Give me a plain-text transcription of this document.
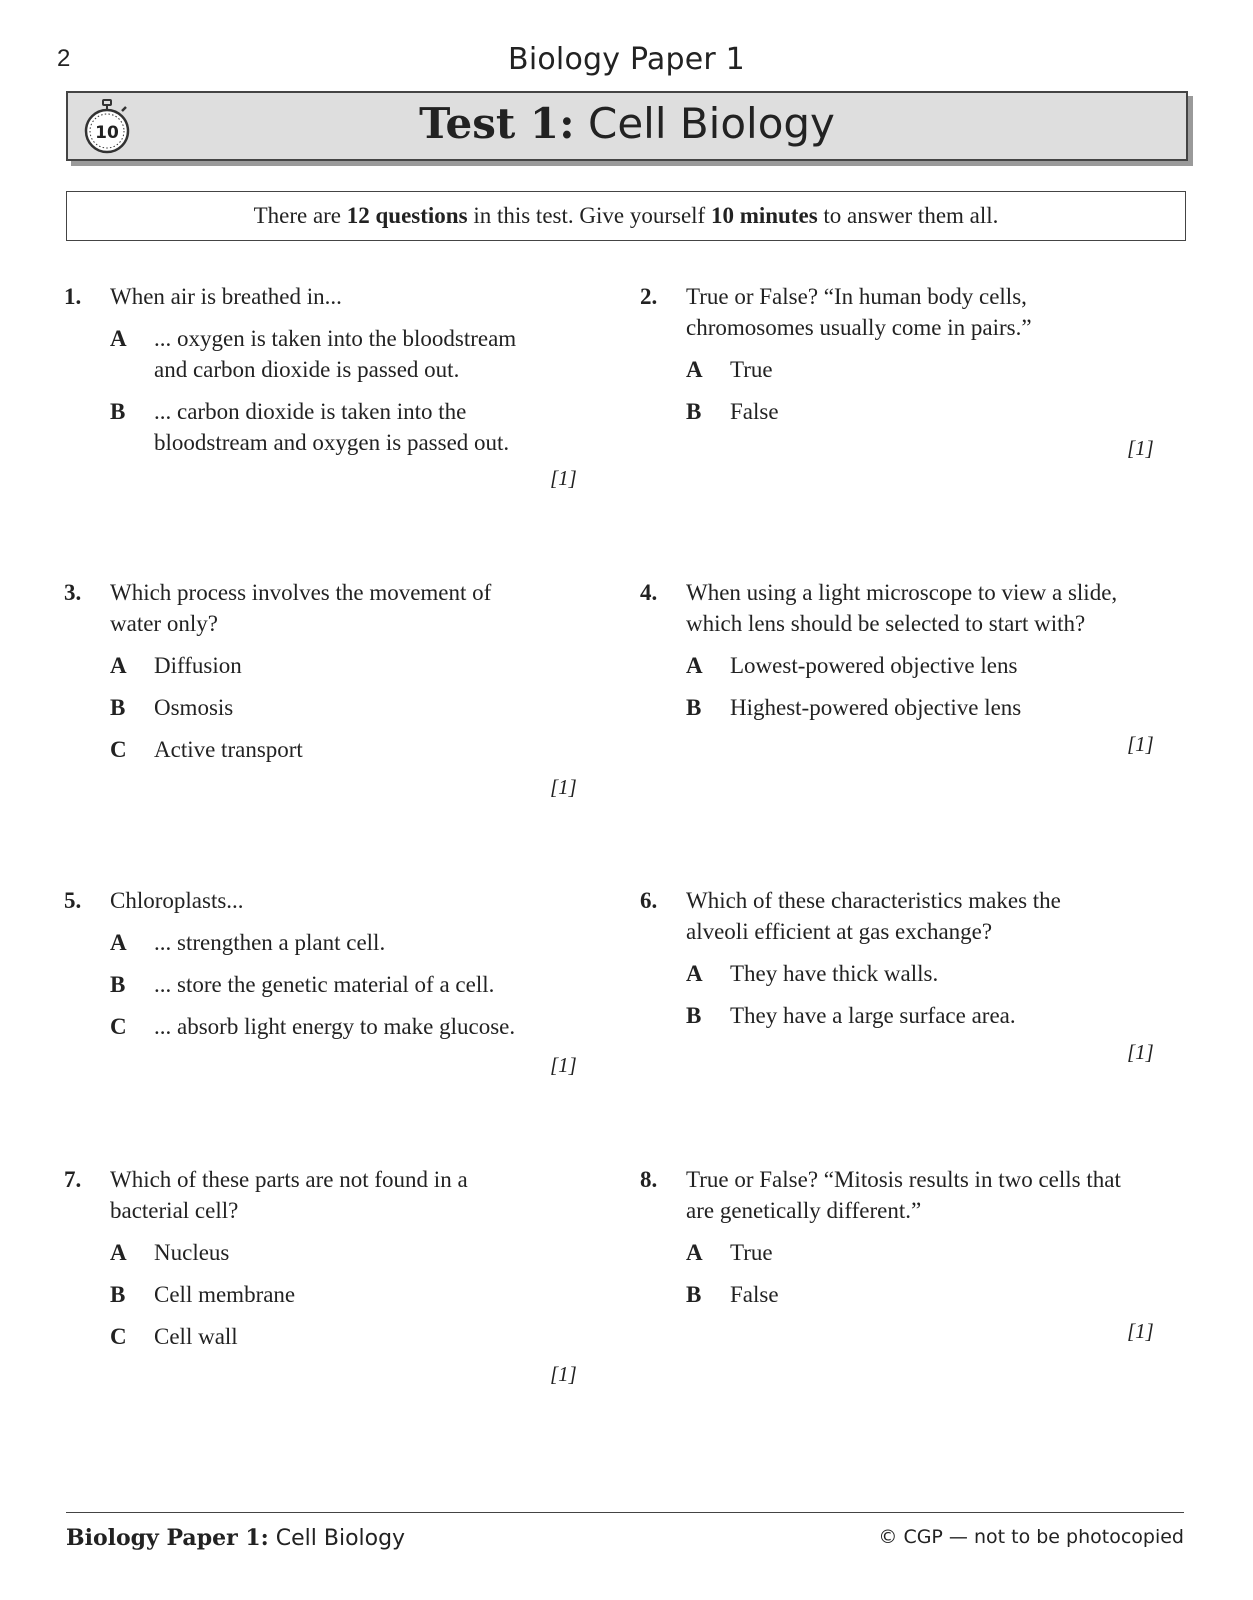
2	Biology Paper 1
10	Test 1: Cell Biology
There are 12 questions in this test. Give yourself 10 minutes to answer them all.
1. When air is breathed in...
A ... oxygen is taken into the bloodstream and carbon dioxide is passed out.
B ... carbon dioxide is taken into the bloodstream and oxygen is passed out.
[1]
2. True or False? “In human body cells, chromosomes usually come in pairs.”
A True
B False
[1]
3. Which process involves the movement of water only?
A Diffusion
B Osmosis
C Active transport
[1]
4. When using a light microscope to view a slide, which lens should be selected to start with?
A Lowest-powered objective lens
B Highest-powered objective lens
[1]
5. Chloroplasts...
A ... strengthen a plant cell.
B ... store the genetic material of a cell.
C ... absorb light energy to make glucose.
[1]
6. Which of these characteristics makes the alveoli efficient at gas exchange?
A They have thick walls.
B They have a large surface area.
[1]
7. Which of these parts are not found in a bacterial cell?
A Nucleus
B Cell membrane
C Cell wall
[1]
8. True or False? “Mitosis results in two cells that are genetically different.”
A True
B False
[1]
Biology Paper 1: Cell Biology	© CGP — not to be photocopied
